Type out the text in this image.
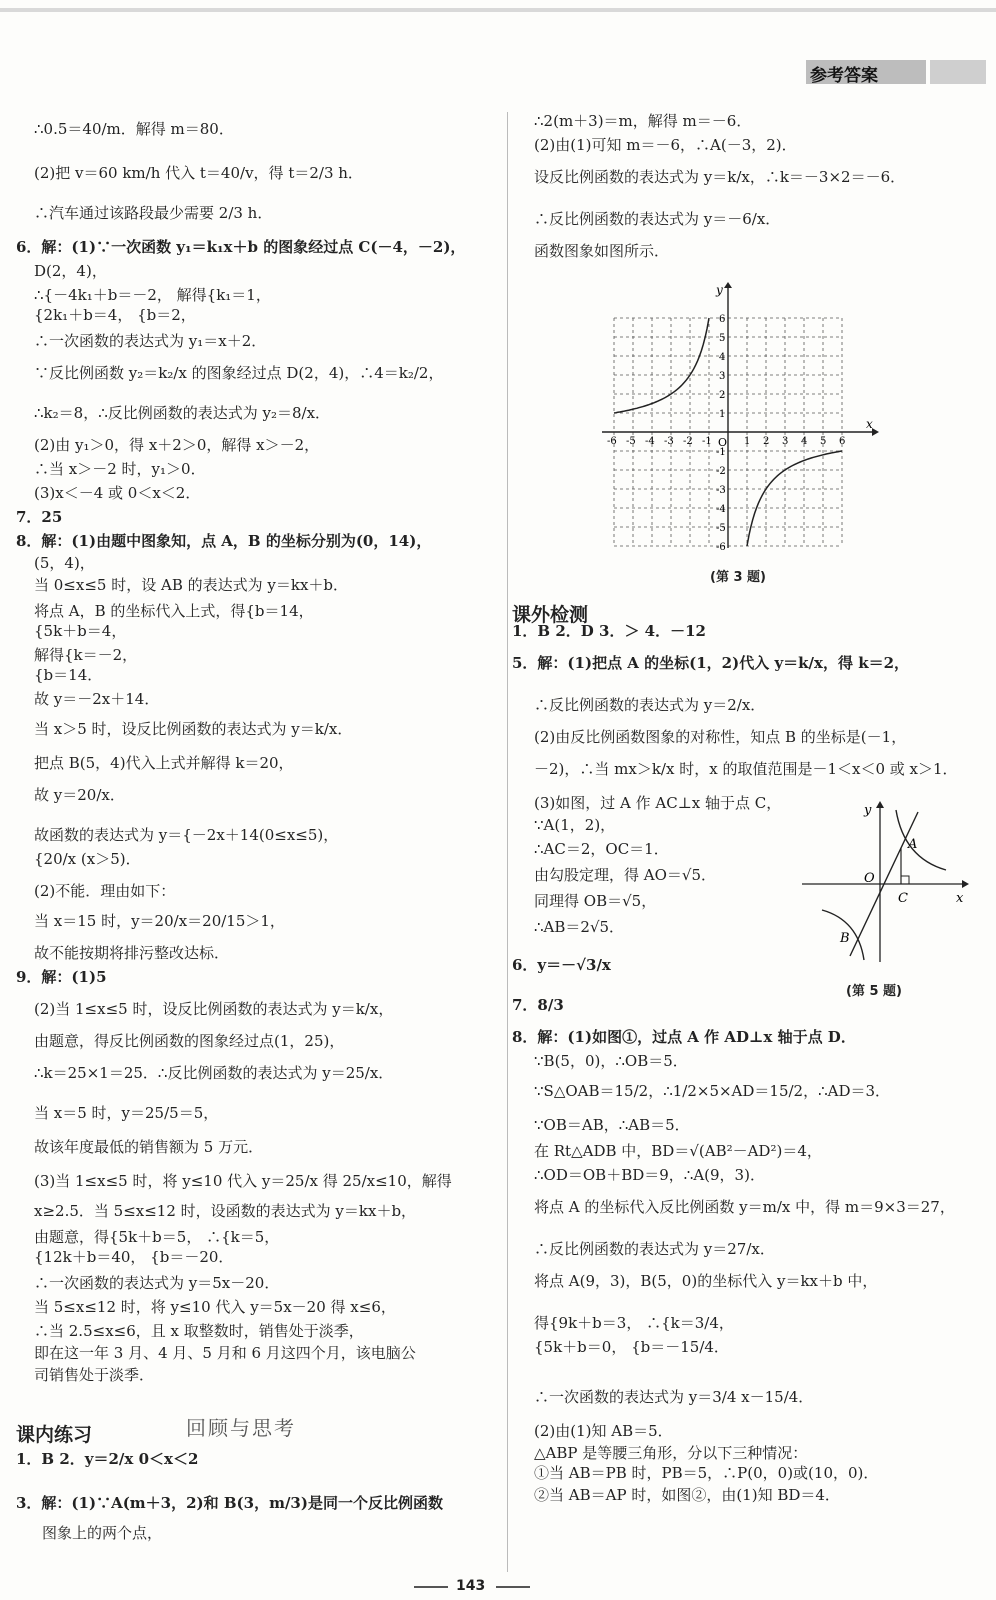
参考答案
∴0.5＝40/m．解得 m＝80．
(2)把 v＝60 km/h 代入 t＝40/v，得 t＝2/3 h．
∴汽车通过该路段最少需要 2/3 h．
6．解：(1)∵一次函数 y₁＝k₁x＋b 的图象经过点 C(－4，－2)，
D(2，4)，
∴{－4k₁＋b＝－2， 解得{k₁＝1，
{2k₁＋b＝4， {b＝2，
∴一次函数的表达式为 y₁＝x＋2．
∵反比例函数 y₂＝k₂/x 的图象经过点 D(2，4)，∴4＝k₂/2，
∴k₂＝8，∴反比例函数的表达式为 y₂＝8/x．
(2)由 y₁＞0，得 x＋2＞0，解得 x＞－2，
∴当 x＞－2 时，y₁＞0．
(3)x＜－4 或 0＜x＜2．
7．25
8．解：(1)由题中图象知，点 A，B 的坐标分别为(0，14)，
(5，4)，
当 0≤x≤5 时，设 AB 的表达式为 y＝kx＋b．
将点 A，B 的坐标代入上式，得{b＝14，
{5k＋b＝4，
解得{k＝－2，
{b＝14．
故 y＝－2x＋14．
当 x＞5 时，设反比例函数的表达式为 y＝k/x．
把点 B(5，4)代入上式并解得 k＝20，
故 y＝20/x．
故函数的表达式为 y＝{－2x＋14(0≤x≤5)，
{20/x (x＞5)．
(2)不能．理由如下：
当 x＝15 时，y＝20/x＝20/15＞1，
故不能按期将排污整改达标．
9．解：(1)5
(2)当 1≤x≤5 时，设反比例函数的表达式为 y＝k/x，
由题意，得反比例函数的图象经过点(1，25)，
∴k＝25×1＝25．∴反比例函数的表达式为 y＝25/x．
当 x＝5 时，y＝25/5＝5，
故该年度最低的销售额为 5 万元．
(3)当 1≤x≤5 时，将 y≤10 代入 y＝25/x 得 25/x≤10，解得
x≥2.5．当 5≤x≤12 时，设函数的表达式为 y＝kx＋b，
由题意，得{5k＋b＝5， ∴{k＝5，
{12k＋b＝40， {b＝－20．
∴一次函数的表达式为 y＝5x－20．
当 5≤x≤12 时，将 y≤10 代入 y＝5x－20 得 x≤6，
∴当 2.5≤x≤6，且 x 取整数时，销售处于淡季，
即在这一年 3 月、4 月、5 月和 6 月这四个月，该电脑公
司销售处于淡季．
回顾与思考
课内练习
1．B 2．y＝2/x 0＜x＜2
3．解：(1)∵A(m＋3，2)和 B(3，m/3)是同一个反比例函数
图象上的两个点，
∴2(m＋3)＝m，解得 m＝－6．
(2)由(1)可知 m＝－6，∴A(－3，2)．
设反比例函数的表达式为 y＝k/x，∴k＝－3×2＝－6．
∴反比例函数的表达式为 y＝－6/x．
函数图象如图所示．
y
x
O
-6 -5 -4 -3 -2 -1	1 2 3 4 5 6
6
5
4
3
2
1
-1
-2
-3
-4
-5
-6
(第 3 题)
课外检测
1．B 2．D 3．＞ 4．－12
5．解：(1)把点 A 的坐标(1，2)代入 y＝k/x，得 k＝2，
∴反比例函数的表达式为 y＝2/x．
(2)由反比例函数图象的对称性，知点 B 的坐标是(－1，
－2)，∴当 mx＞k/x 时，x 的取值范围是－1＜x＜0 或 x＞1．
(3)如图，过 A 作 AC⊥x 轴于点 C，
∵A(1，2)，
∴AC＝2，OC＝1．
由勾股定理，得 AO＝√5．
同理得 OB＝√5，
∴AB＝2√5．
6．y＝－√3/x
7．8/3
8．解：(1)如图①，过点 A 作 AD⊥x 轴于点 D．
∵B(5，0)，∴OB＝5．
∵S△OAB＝15/2，∴1/2×5×AD＝15/2，∴AD＝3．
∵OB＝AB，∴AB＝5．
在 Rt△ADB 中，BD＝√(AB²－AD²)＝4，
∴OD＝OB＋BD＝9，∴A(9，3)．
将点 A 的坐标代入反比例函数 y＝m/x 中，得 m＝9×3＝27，
∴反比例函数的表达式为 y＝27/x．
将点 A(9，3)，B(5，0)的坐标代入 y＝kx＋b 中，
得{9k＋b＝3， ∴{k＝3/4，
{5k＋b＝0， {b＝－15/4．
∴一次函数的表达式为 y＝3/4 x－15/4．
(2)由(1)知 AB＝5．
△ABP 是等腰三角形，分以下三种情况：
①当 AB＝PB 时，PB＝5，∴P(0，0)或(10，0)．
②当 AB＝AP 时，如图②，由(1)知 BD＝4．
y
x
O
A
B
C
(第 5 题)
143
